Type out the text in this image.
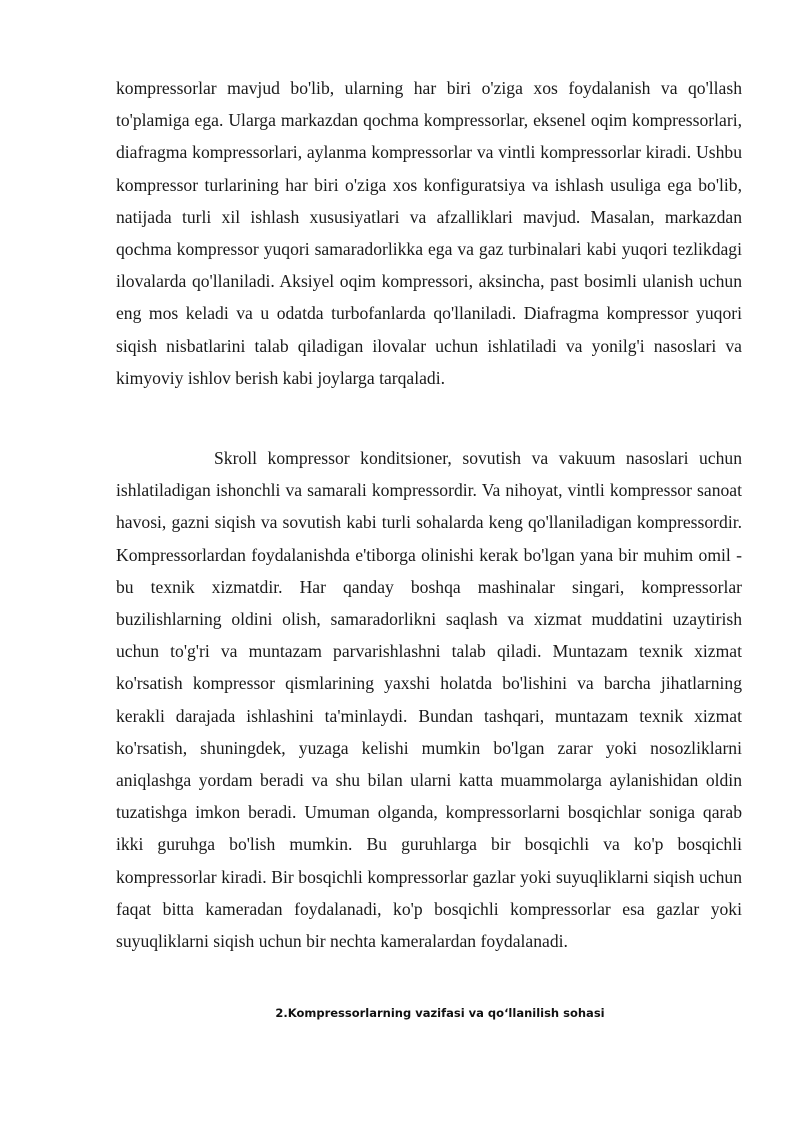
kompressorlar mavjud bo'lib, ularning har biri o'ziga xos foydalanish va qo'llash to'plamiga ega. Ularga markazdan qochma kompressorlar, eksenel oqim kompressorlari, diafragma kompressorlari, aylanma kompressorlar va vintli kompressorlar kiradi. Ushbu kompressor turlarining har biri o'ziga xos konfiguratsiya va ishlash usuliga ega bo'lib, natijada turli xil ishlash xususiyatlari va afzalliklari mavjud. Masalan, markazdan qochma kompressor yuqori samaradorlikka ega va gaz turbinalari kabi yuqori tezlikdagi ilovalarda qo'llaniladi. Aksiyel oqim kompressori, aksincha, past bosimli ulanish uchun eng mos keladi va u odatda turbofanlarda qo'llaniladi. Diafragma kompressor yuqori siqish nisbatlarini talab qiladigan ilovalar uchun ishlatiladi va yonilg'i nasoslari va kimyoviy ishlov berish kabi joylarga tarqaladi.

Skroll kompressor konditsioner, sovutish va vakuum nasoslari uchun ishlatiladigan ishonchli va samarali kompressordir. Va nihoyat, vintli kompressor sanoat havosi, gazni siqish va sovutish kabi turli sohalarda keng qo'llaniladigan kompressordir. Kompressorlardan foydalanishda e'tiborga olinishi kerak bo'lgan yana bir muhim omil - bu texnik xizmatdir. Har qanday boshqa mashinalar singari, kompressorlar buzilishlarning oldini olish, samaradorlikni saqlash va xizmat muddatini uzaytirish uchun to'g'ri va muntazam parvarishlashni talab qiladi. Muntazam texnik xizmat ko'rsatish kompressor qismlarining yaxshi holatda bo'lishini va barcha jihatlarning kerakli darajada ishlashini ta'minlaydi. Bundan tashqari, muntazam texnik xizmat ko'rsatish, shuningdek, yuzaga kelishi mumkin bo'lgan zarar yoki nosozliklarni aniqlashga yordam beradi va shu bilan ularni katta muammolarga aylanishidan oldin tuzatishga imkon beradi. Umuman olganda, kompressorlarni bosqichlar soniga qarab ikki guruhga bo'lish mumkin. Bu guruhlarga bir bosqichli va ko'p bosqichli kompressorlar kiradi. Bir bosqichli kompressorlar gazlar yoki suyuqliklarni siqish uchun faqat bitta kameradan foydalanadi, ko'p bosqichli kompressorlar esa gazlar yoki suyuqliklarni siqish uchun bir nechta kameralardan foydalanadi.

2.Kompressorlarning vazifasi va qo‘llanilish sohasi
